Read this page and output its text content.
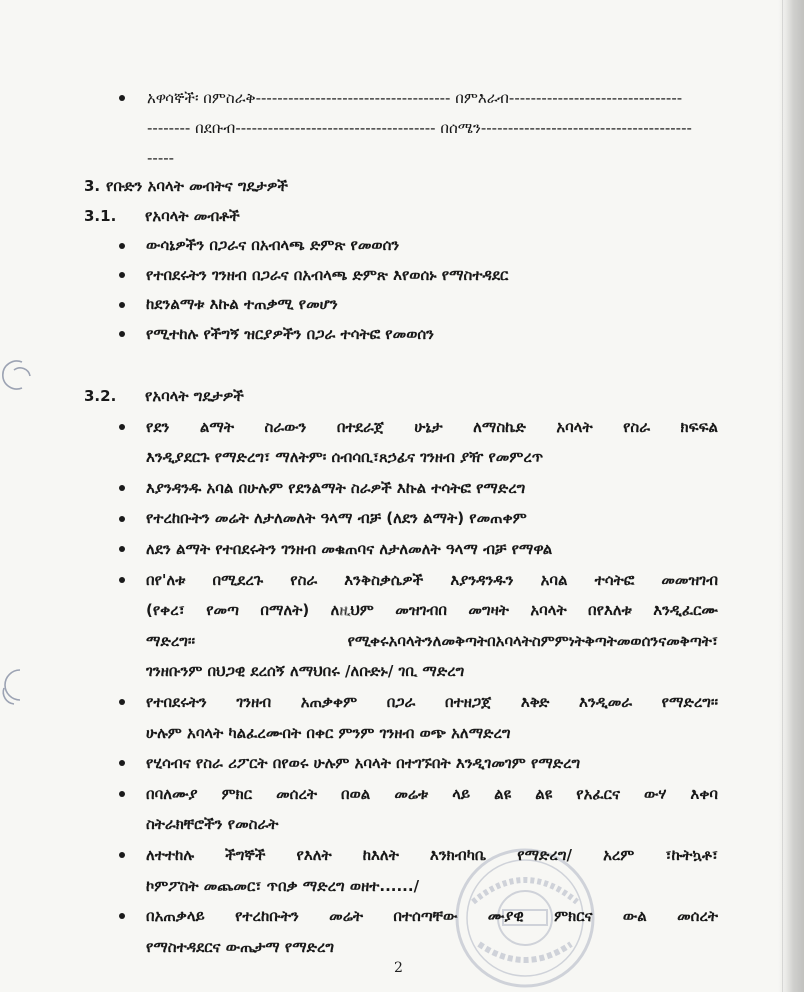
አዋሳኞች፡ በምስራቅ------------------------------------ በምእራብ--------------------------------
-------- በደቡብ------------------------------------- በሰሜን---------------------------------------
-----
3. የቡድን አባላት መብትና ግዴታዎች
3.1. የአባላት መብቶች
ውሳኔዎችን በጋራና በአብላጫ ድምጽ የመወሰን
የተበደሩትን ገንዘብ በጋራና በአብላጫ ድምጽ እየወሰኑ የማስተዳደር
ከደንልማቱ እኩል ተጠቃሚ የመሆን
የሚተከሉ የችግኝ ዝርያዎችን በጋራ ተሳትፎ የመወሰን
3.2. የአባላት ግዴታዎች
የደን ልማት ስራውን በተደራጀ ሁኔታ ለማስኬድ አባላት የስራ ክፍፍል
እንዲያደርጉ የማድረግ፣ ማለትም፡ ሰብሳቢ፣ጸኃፊና ገንዘብ ያዥ የመምረጥ
እያንዳንዱ አባል በሁሉም የደንልማት ስራዎች እኩል ተሳትፎ የማድረግ
የተረከቡትን መሬት ለታለመለት ዓላማ ብቻ (ለደን ልማት) የመጠቀም
ለደን ልማት የተበደሩትን ገንዘብ መቁጠባና ለታለመለት ዓላማ ብቻ የማዋል
በየ'ለቱ በሚደረጉ የስራ እንቅስቃሴዎች እያንዳንዱን አባል ተሳትፎ መመዝገብ
(የቀረ፣ የመጣ በማለት) ለዚህም መዝገብበ መግዛት አባላት በየእለቱ እንዲፈርሙ
ማድረግ፡፡ የሚቀሩአባላትንለመቅጣትበአባላትስምምነትቅጣትመወሰንናመቅጣት፣
ገንዘቡንም በህጋዊ ደረሰኝ ለማህበሩ /ለቡድኑ/ ገቢ ማድረግ
የተበደሩትን ገንዘብ አጠቃቀም በጋራ በተዘጋጀ እቅድ እንዲመራ የማድረግ፡፡
ሁሉም አባላት ካልፈረሙበት በቀር ምንም ገንዘብ ወጭ አለማድረግ
የሂሳብና የስራ ሪፖርት በየወሩ ሁሉም አባላት በተገኙበት እንዲገመገም የማድረግ
በባለሙያ ምክር መሰረት በወል መሬቱ ላይ ልዩ ልዩ የአፈርና ውሃ እቀባ
ስትራክቸሮችን የመስራት
ለተተከሉ ችግኞች የእለት ከእለት እንክብካቤ የማድረግ/ አረም ፣ኩትኳቶ፣
ኮምፖስት መጨመር፣ ጥበቃ ማድረግ ወዘተ....../
በአጠቃላይ የተረከቡትን መሬት በተሰጣቸው ሙያዊ ምክርና ውል መሰረት
የማስተዳደርና ውጤታማ የማድረግ
2
